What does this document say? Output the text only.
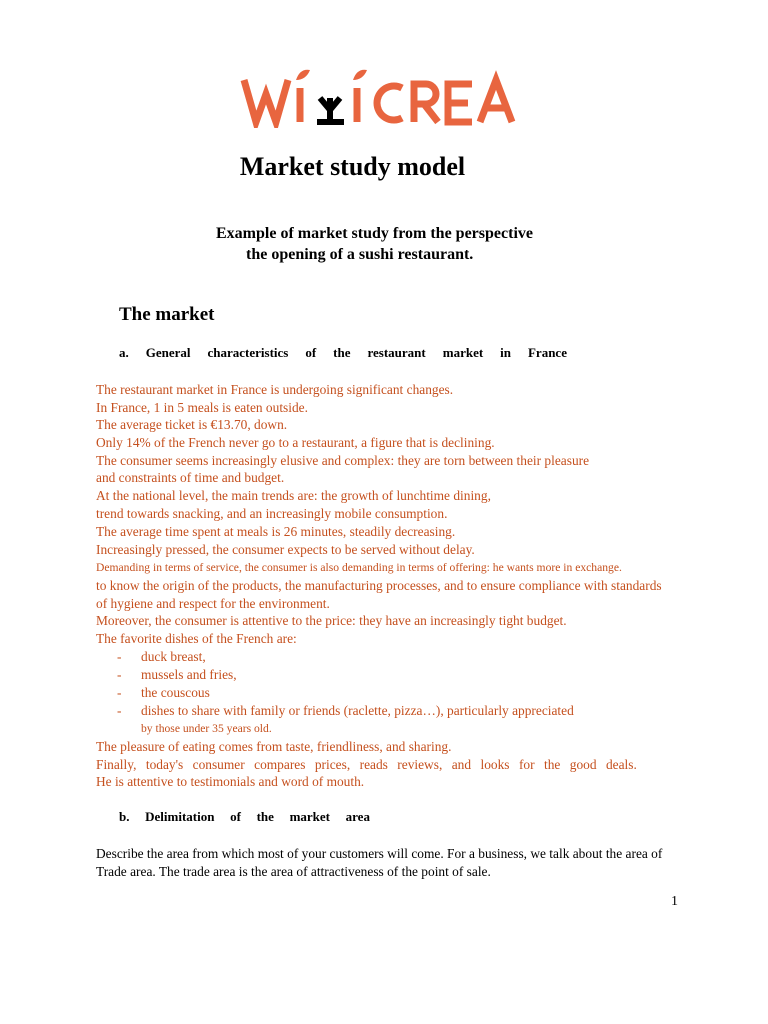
Market study model
Example of market study from the perspective
the opening of a sushi restaurant.
The market
a. General characteristics of the restaurant market in France
The restaurant market in France is undergoing significant changes.
In France, 1 in 5 meals is eaten outside.
The average ticket is €13.70, down.
Only 14% of the French never go to a restaurant, a figure that is declining.
The consumer seems increasingly elusive and complex: they are torn between their pleasure
and constraints of time and budget.
At the national level, the main trends are: the growth of lunchtime dining,
trend towards snacking, and an increasingly mobile consumption.
The average time spent at meals is 26 minutes, steadily decreasing.
Increasingly pressed, the consumer expects to be served without delay.
Demanding in terms of service, the consumer is also demanding in terms of offering: he wants more in exchange.
to know the origin of the products, the manufacturing processes, and to ensure compliance with standards
of hygiene and respect for the environment.
Moreover, the consumer is attentive to the price: they have an increasingly tight budget.
The favorite dishes of the French are:
- duck breast,
- mussels and fries,
- the couscous
- dishes to share with family or friends (raclette, pizza…), particularly appreciated
by those under 35 years old.
The pleasure of eating comes from taste, friendliness, and sharing.
Finally, today's consumer compares prices, reads reviews, and looks for the good deals.
He is attentive to testimonials and word of mouth.
b. Delimitation of the market area
Describe the area from which most of your customers will come. For a business, we talk about the area of
Trade area. The trade area is the area of attractiveness of the point of sale.
1
